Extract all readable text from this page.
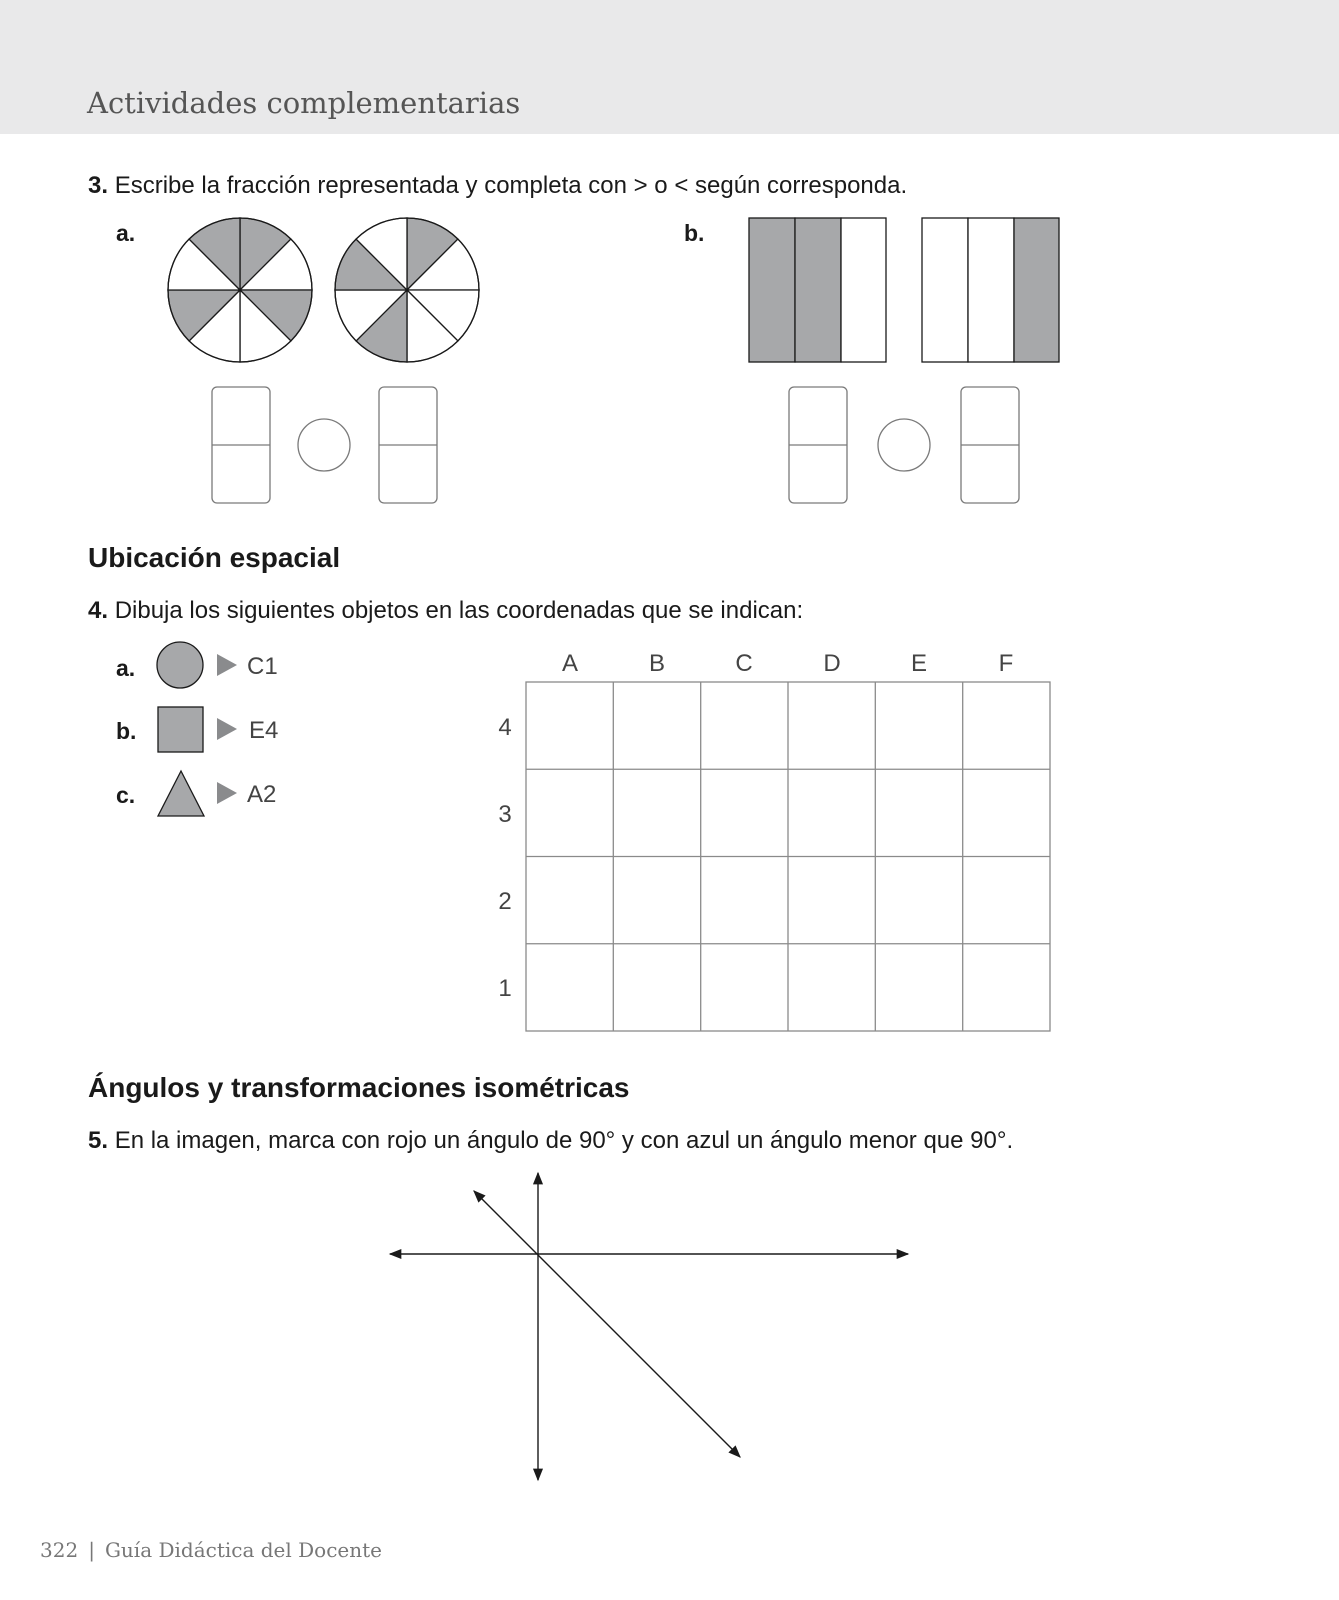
Actividades complementarias
3. Escribe la fracción representada y completa con > o < según corresponda.
a.	b.
a.	C1
b.	E4
c.	A2
Ubicación espacial
4. Dibuja los siguientes objetos en las coordenadas que se indican:
A	B	C	D	E	F
4
3
2
1
Ángulos y transformaciones isométricas
5. En la imagen, marca con rojo un ángulo de 90° y con azul un ángulo menor que 90°.
322 | Guía Didáctica del Docente
